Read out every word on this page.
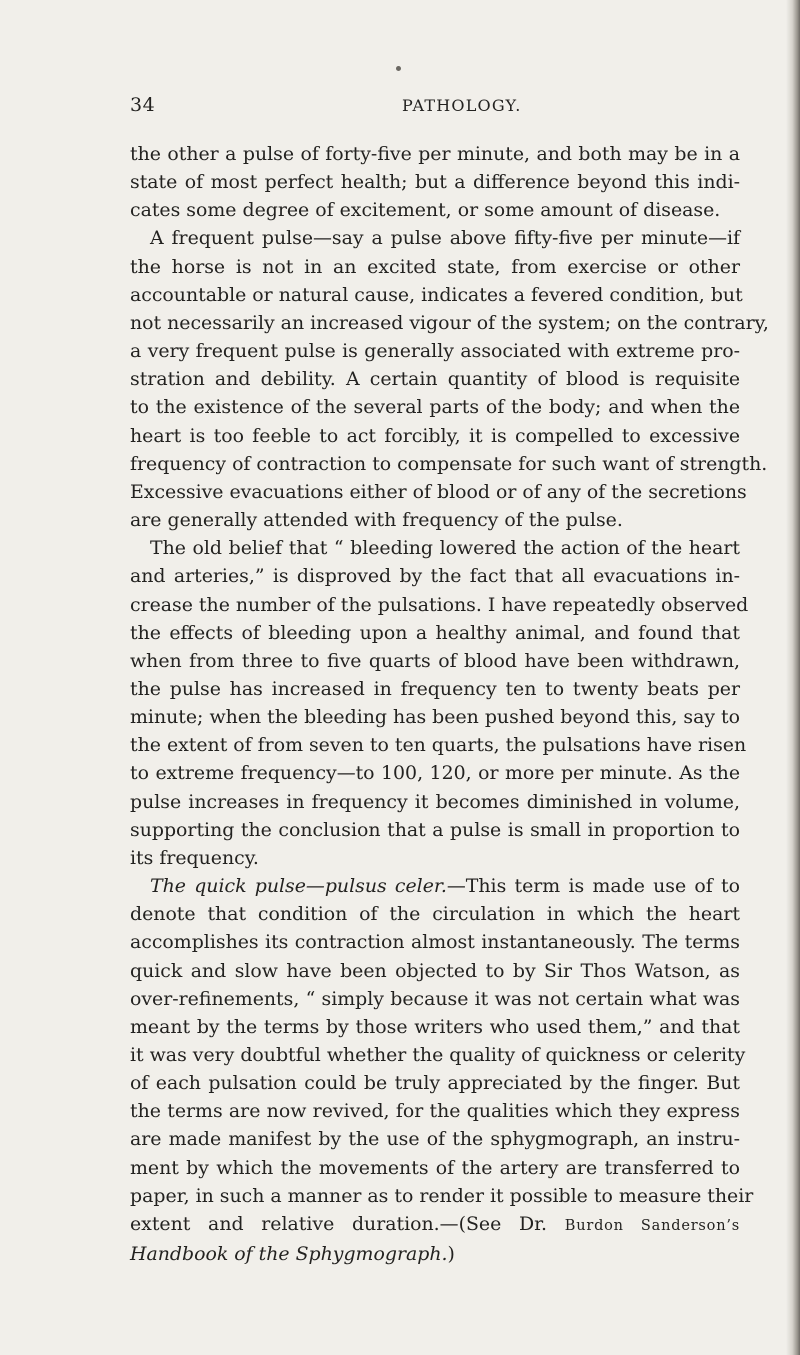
34	PATHOLOGY.
the other a pulse of forty-five per minute, and both may be in a
state of most perfect health; but a difference beyond this indi-
cates some degree of excitement, or some amount of disease.
A frequent pulse—say a pulse above fifty-five per minute—if
the horse is not in an excited state, from exercise or other
accountable or natural cause, indicates a fevered condition, but
not necessarily an increased vigour of the system; on the contrary,
a very frequent pulse is generally associated with extreme pro-
stration and debility. A certain quantity of blood is requisite
to the existence of the several parts of the body; and when the
heart is too feeble to act forcibly, it is compelled to excessive
frequency of contraction to compensate for such want of strength.
Excessive evacuations either of blood or of any of the secretions
are generally attended with frequency of the pulse.
The old belief that “ bleeding lowered the action of the heart
and arteries,” is disproved by the fact that all evacuations in-
crease the number of the pulsations. I have repeatedly observed
the effects of bleeding upon a healthy animal, and found that
when from three to five quarts of blood have been withdrawn,
the pulse has increased in frequency ten to twenty beats per
minute; when the bleeding has been pushed beyond this, say to
the extent of from seven to ten quarts, the pulsations have risen
to extreme frequency—to 100, 120, or more per minute. As the
pulse increases in frequency it becomes diminished in volume,
supporting the conclusion that a pulse is small in proportion to
its frequency.
The quick pulse—pulsus celer.—This term is made use of to
denote that condition of the circulation in which the heart
accomplishes its contraction almost instantaneously. The terms
quick and slow have been objected to by Sir Thos Watson, as
over-refinements, “ simply because it was not certain what was
meant by the terms by those writers who used them,” and that
it was very doubtful whether the quality of quickness or celerity
of each pulsation could be truly appreciated by the finger. But
the terms are now revived, for the qualities which they express
are made manifest by the use of the sphygmograph, an instru-
ment by which the movements of the artery are transferred to
paper, in such a manner as to render it possible to measure their
extent and relative duration.—(See Dr. Burdon Sanderson’s
Handbook of the Sphygmograph.)
